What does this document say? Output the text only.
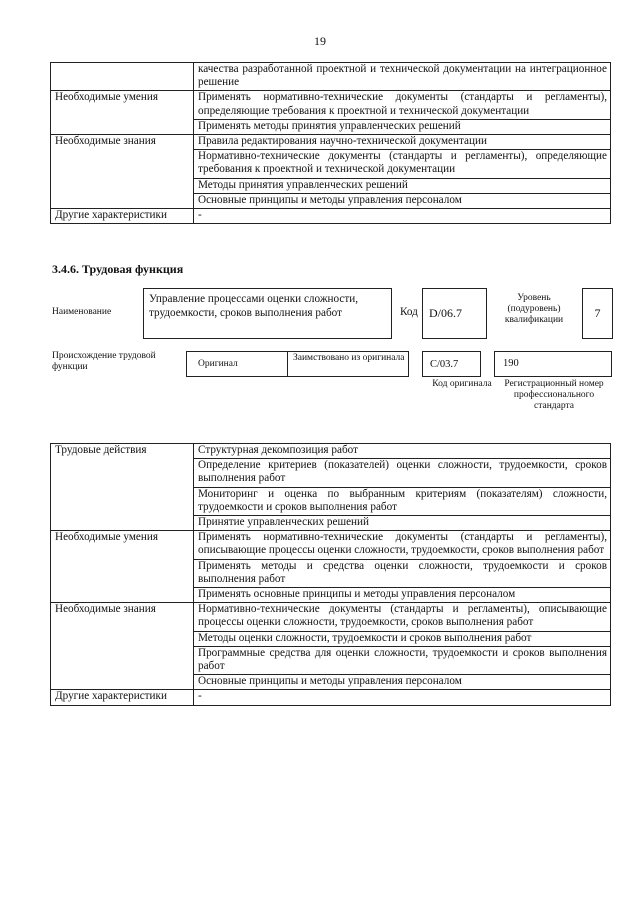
19
	качества разработанной проектной и технической документации на интеграционное решение
Необходимые умения	Применять нормативно-технические документы (стандарты и регламенты), определяющие требования к проектной и технической документации
	Применять методы принятия управленческих решений
Необходимые знания	Правила редактирования научно-технической документации
	Нормативно-технические документы (стандарты и регламенты), определяющие требования к проектной и технической документации
	Методы принятия управленческих решений
	Основные принципы и методы управления персоналом
Другие характеристики	-
3.4.6. Трудовая функция
Наименование
Управление процессами оценки сложности, трудоемкости, сроков выполнения работ	Код D/06.7
Уровень (подуровень) квалификации	7
Происхождение трудовой функции	Оригинал
Заимствовано из оригинала
C/03.7	190
Код оригинала	Регистрационный номер профессионального стандарта
Трудовые действия	Структурная декомпозиция работ
	Определение критериев (показателей) оценки сложности, трудоемкости, сроков выполнения работ
	Мониторинг и оценка по выбранным критериям (показателям) сложности, трудоемкости и сроков выполнения работ
	Принятие управленческих решений
Необходимые умения	Применять нормативно-технические документы (стандарты и регламенты), описывающие процессы оценки сложности, трудоемкости, сроков выполнения работ
	Применять методы и средства оценки сложности, трудоемкости и сроков выполнения работ
	Применять основные принципы и методы управления персоналом
Необходимые знания	Нормативно-технические документы (стандарты и регламенты), описывающие процессы оценки сложности, трудоемкости, сроков выполнения работ
	Методы оценки сложности, трудоемкости и сроков выполнения работ
	Программные средства для оценки сложности, трудоемкости и сроков выполнения работ
	Основные принципы и методы управления персоналом
Другие характеристики	-
